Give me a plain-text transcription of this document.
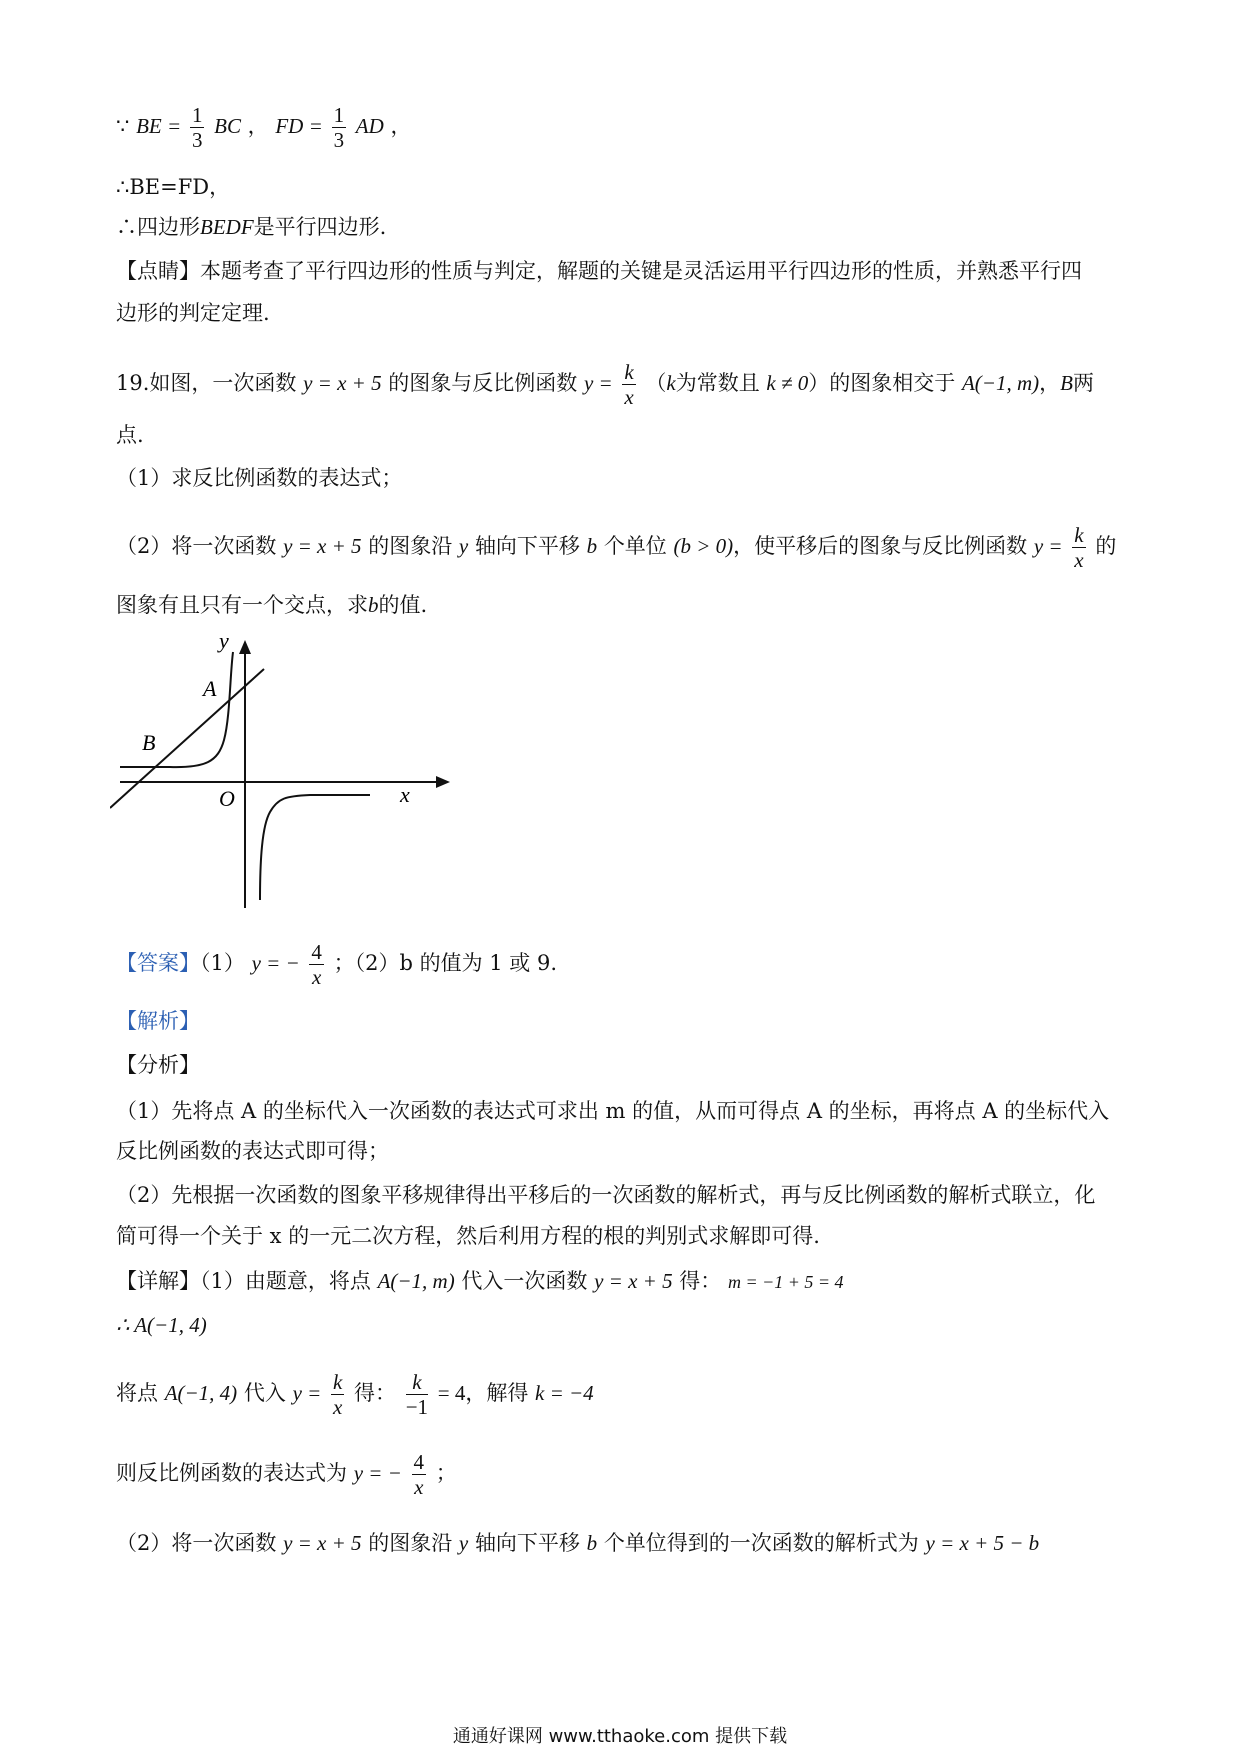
∵ BE = $\frac{1}{3}$ BC ， FD = $\frac{1}{3}$ AD ，
∴BE=FD，
∴四边形BEDF是平行四边形.
【点睛】本题考查了平行四边形的性质与判定，解题的关键是灵活运用平行四边形的性质，并熟悉平行四
边形的判定定理.
19.如图，一次函数 y = x + 5 的图象与反比例函数 $y = \frac{k}{x} (k$为常数且 k ≠ 0）的图象相交于 A(−1, m)，B两
点.
（1）求反比例函数的表达式；
（2）将一次函数 y = x + 5 的图象沿 y 轴向下平移 b 个单位 (b > 0)，使平移后的图象与反比例函数 $y = \frac{k}{x}$ 的
图象有且只有一个交点，求b的值.
y
x
A
B
O
【答案】（1） y = − $\frac{4}{x}$ ；（2）b 的值为 1 或 9.
【解析】
【分析】
（1）先将点 A 的坐标代入一次函数的表达式可求出 m 的值，从而可得点 A 的坐标，再将点 A 的坐标代入
反比例函数的表达式即可得；
（2）先根据一次函数的图象平移规律得出平移后的一次函数的解析式，再与反比例函数的解析式联立，化
简可得一个关于 x 的一元二次方程，然后利用方程的根的判别式求解即可得.
【详解】（1）由题意，将点 A(−1, m) 代入一次函数 y = x + 5 得： m = −1 + 5 = 4
∴ A(−1, 4)
将点 A(−1, 4) 代入 $y = \frac{k}{x}$ 得： $\frac{k}{-1} = 4$，解得 k = −4
则反比例函数的表达式为 y = − $\frac{4}{x}$ ；
（2）将一次函数 y = x + 5 的图象沿 y 轴向下平移 b 个单位得到的一次函数的解析式为 y = x + 5 − b
通通好课网 www.tthaoke.com 提供下载
